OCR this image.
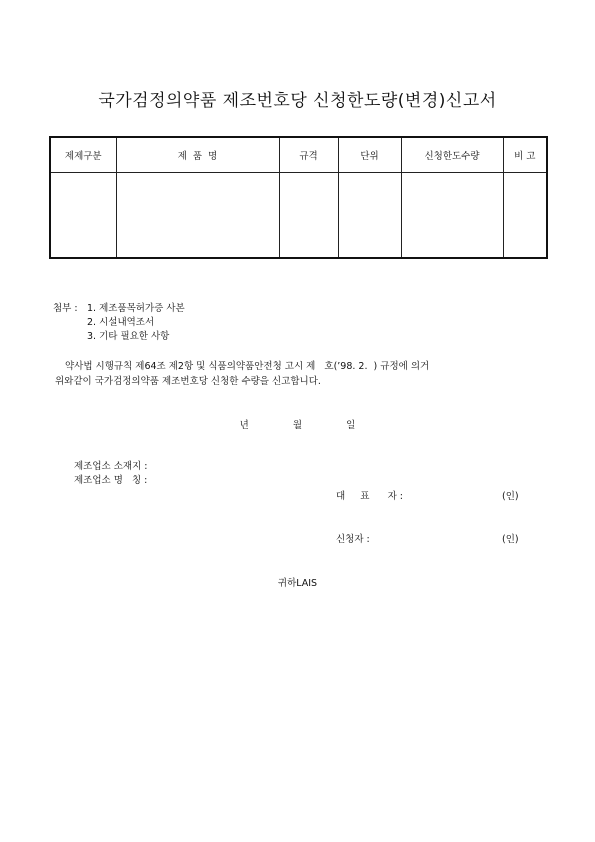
국가검정의약품 제조번호당 신청한도량(변경)신고서
제제구분	제  품  명	규격	단위	신청한도수량	비 고

첨부 : 1. 제조품목허가증 사본
2. 시설내역조서
3. 기타 필요한 사항
약사법 시행규칙 제64조 제2항 및 식품의약품안전청 고시 제   호(’98. 2.  ) 규정에 의거
위와같이 국가검정의약품 제조번호당 신청한 수량을 신고합니다.
년	월	일
제조업소 소재지 :
제조업소 명   칭 :
대     표      자 :	(인)
신청자 :	(인)
귀하LAIS
